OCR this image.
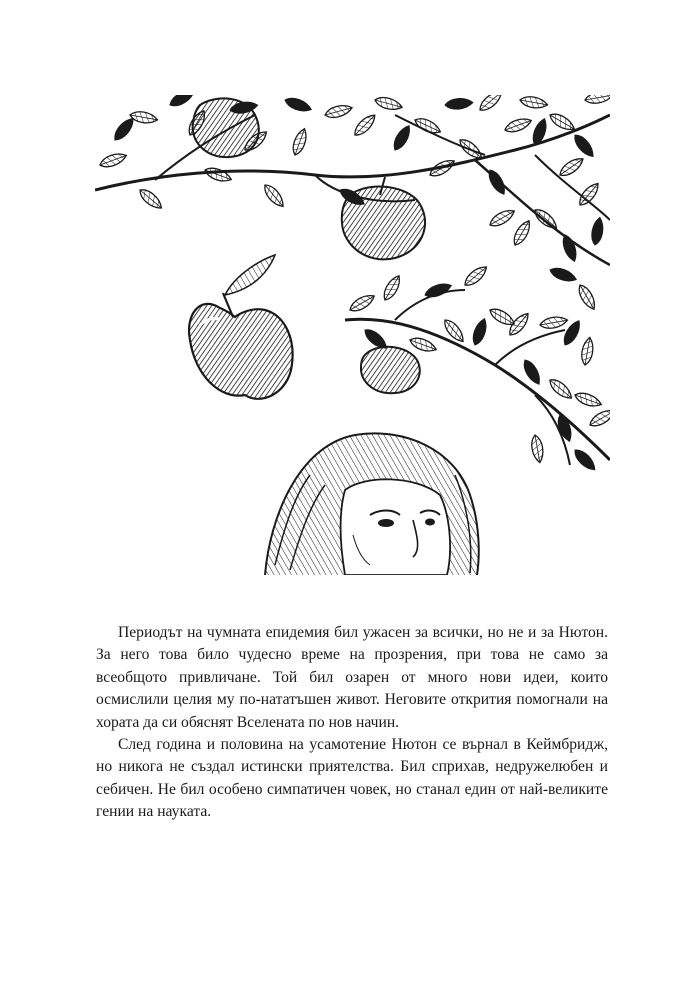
Периодът на чумната епидемия бил ужасен за всички, но не и за Нютон. За него това било чудесно време на прозрения, при това не само за всеобщото привличане. Той бил озарен от много нови идеи, които осмислили целия му по-нататъшен живот. Неговите открития помогнали на хората да си обяснят Вселената по нов начин.

След година и половина на усамотение Нютон се върнал в Кеймбридж, но никога не създал истински приятелства. Бил сприхав, недружелюбен и себичен. Не бил особено симпатичен човек, но станал един от най-великите гении на науката.
